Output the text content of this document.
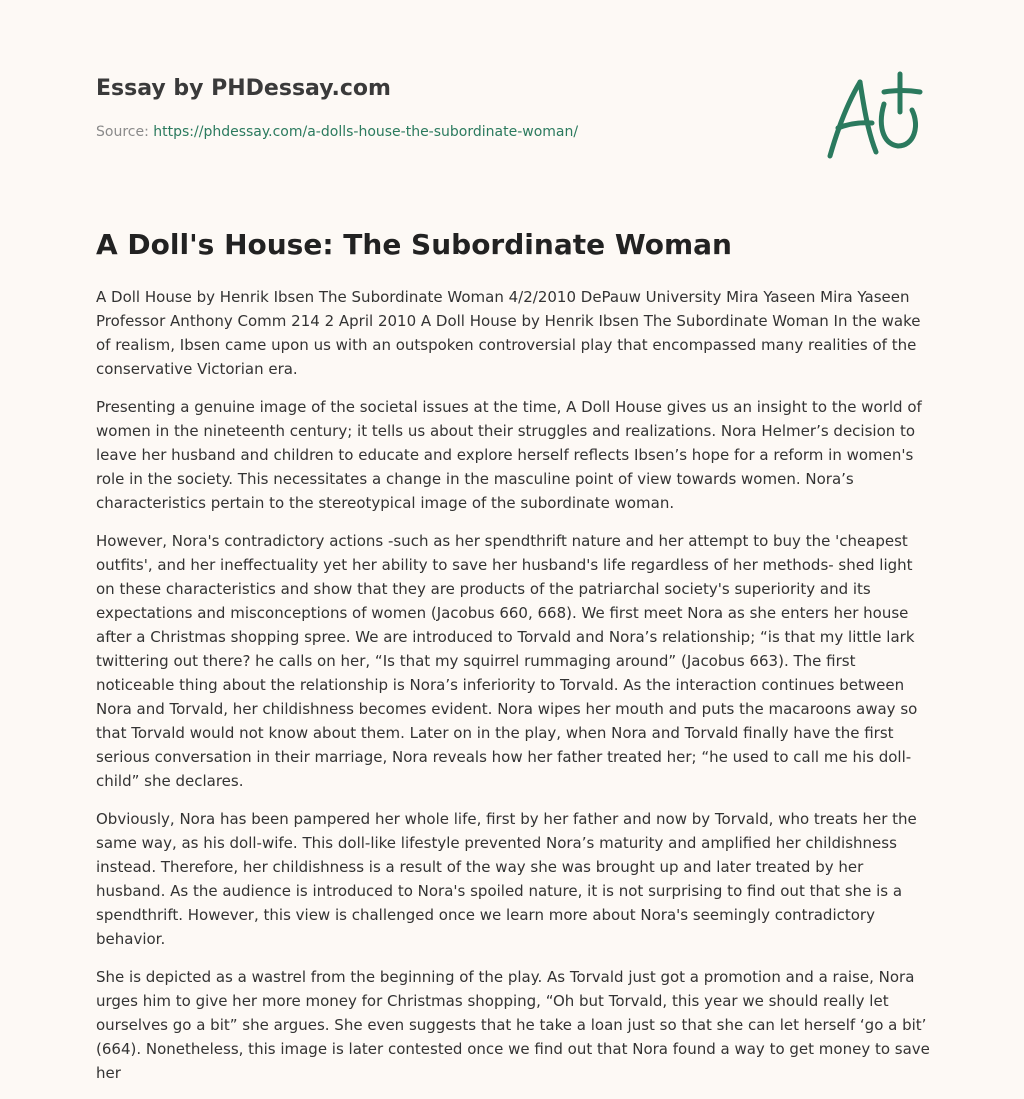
Essay by PHDessay.com
Source: https://phdessay.com/a-dolls-house-the-subordinate-woman/
A Doll's House: The Subordinate Woman

A Doll House by Henrik Ibsen The Subordinate Woman 4/2/2010 DePauw University Mira Yaseen Mira Yaseen Professor Anthony Comm 214 2 April 2010 A Doll House by Henrik Ibsen The Subordinate Woman In the wake of realism, Ibsen came upon us with an outspoken controversial play that encompassed many realities of the conservative Victorian era.

Presenting a genuine image of the societal issues at the time, A Doll House gives us an insight to the world of women in the nineteenth century; it tells us about their struggles and realizations. Nora Helmer’s decision to leave her husband and children to educate and explore herself reflects Ibsen’s hope for a reform in women's role in the society. This necessitates a change in the masculine point of view towards women. Nora’s characteristics pertain to the stereotypical image of the subordinate woman.

However, Nora's contradictory actions -such as her spendthrift nature and her attempt to buy the 'cheapest outfits', and her ineffectuality yet her ability to save her husband's life regardless of her methods- shed light on these characteristics and show that they are products of the patriarchal society's superiority and its expectations and misconceptions of women (Jacobus 660, 668). We first meet Nora as she enters her house after a Christmas shopping spree. We are introduced to Torvald and Nora’s relationship; “is that my little lark twittering out there? he calls on her, “Is that my squirrel rummaging around” (Jacobus 663). The first noticeable thing about the relationship is Nora’s inferiority to Torvald. As the interaction continues between Nora and Torvald, her childishness becomes evident. Nora wipes her mouth and puts the macaroons away so that Torvald would not know about them. Later on in the play, when Nora and Torvald finally have the first serious conversation in their marriage, Nora reveals how her father treated her; “he used to call me his doll-child” she declares.

Obviously, Nora has been pampered her whole life, first by her father and now by Torvald, who treats her the same way, as his doll-wife. This doll-like lifestyle prevented Nora’s maturity and amplified her childishness instead. Therefore, her childishness is a result of the way she was brought up and later treated by her husband. As the audience is introduced to Nora's spoiled nature, it is not surprising to find out that she is a spendthrift. However, this view is challenged once we learn more about Nora's seemingly contradictory behavior.

She is depicted as a wastrel from the beginning of the play. As Torvald just got a promotion and a raise, Nora urges him to give her more money for Christmas shopping, “Oh but Torvald, this year we should really let ourselves go a bit” she argues. She even suggests that he take a loan just so that she can let herself ‘go a bit’ (664). Nonetheless, this image is later contested once we find out that Nora found a way to get money to save her
